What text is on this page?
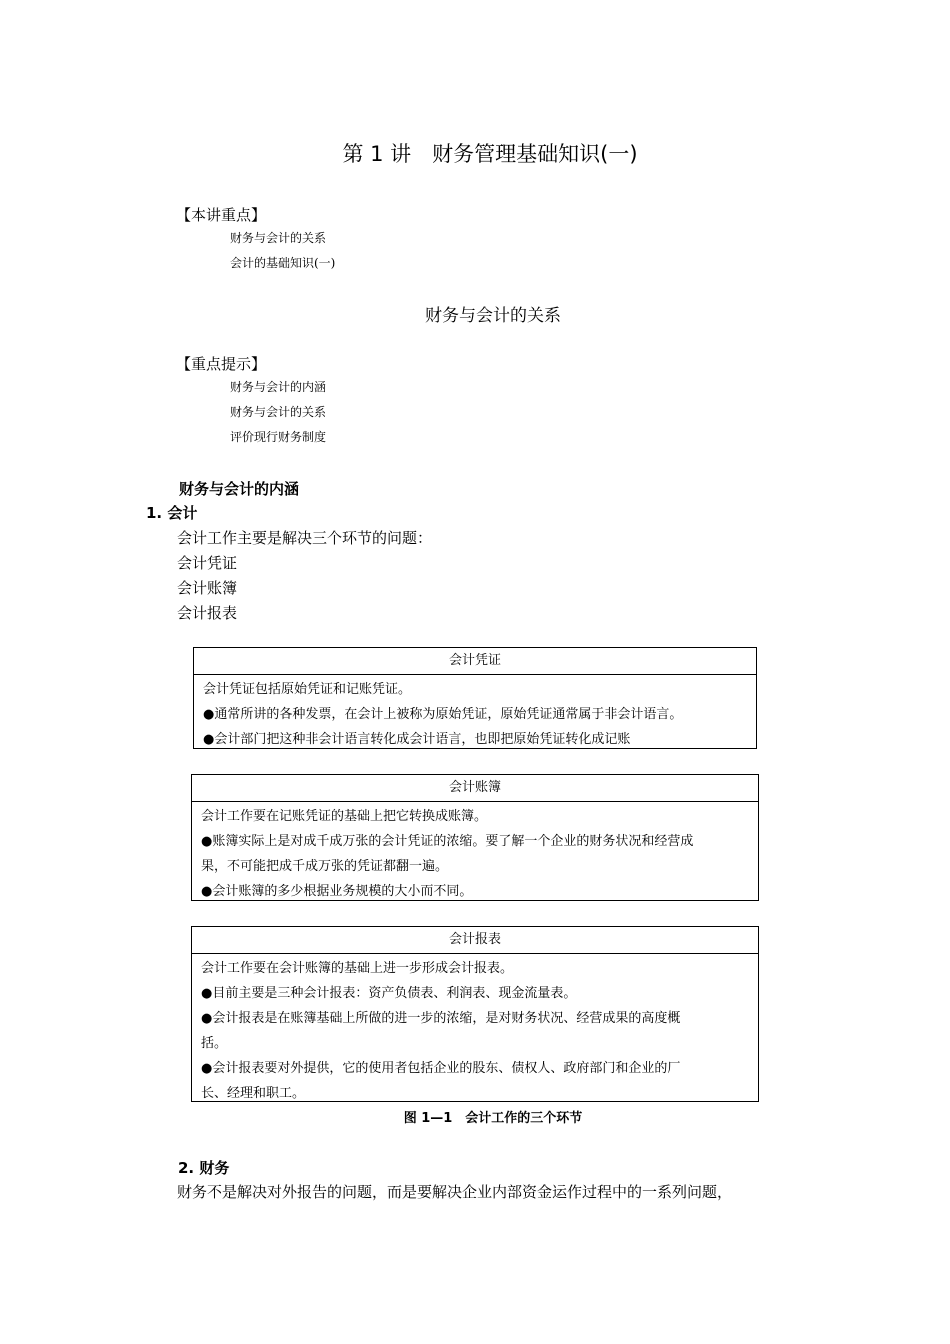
第 1 讲　财务管理基础知识(一)
【本讲重点】
财务与会计的关系
会计的基础知识(一)
财务与会计的关系
【重点提示】
财务与会计的内涵
财务与会计的关系
评价现行财务制度
财务与会计的内涵
1. 会计
会计工作主要是解决三个环节的问题：
会计凭证
会计账簿
会计报表
会计凭证
会计凭证包括原始凭证和记账凭证。
●通常所讲的各种发票，在会计上被称为原始凭证，原始凭证通常属于非会计语言。
●会计部门把这种非会计语言转化成会计语言，也即把原始凭证转化成记账
会计账簿
会计工作要在记账凭证的基础上把它转换成账簿。
●账簿实际上是对成千成万张的会计凭证的浓缩。要了解一个企业的财务状况和经营成
果，不可能把成千成万张的凭证都翻一遍。
●会计账簿的多少根据业务规模的大小而不同。
会计报表
会计工作要在会计账簿的基础上进一步形成会计报表。
●目前主要是三种会计报表：资产负债表、利润表、现金流量表。
●会计报表是在账簿基础上所做的进一步的浓缩，是对财务状况、经营成果的高度概
括。
●会计报表要对外提供，它的使用者包括企业的股东、债权人、政府部门和企业的厂
长、经理和职工。
图 1—1　会计工作的三个环节
2. 财务
财务不是解决对外报告的问题，而是要解决企业内部资金运作过程中的一系列问题，
